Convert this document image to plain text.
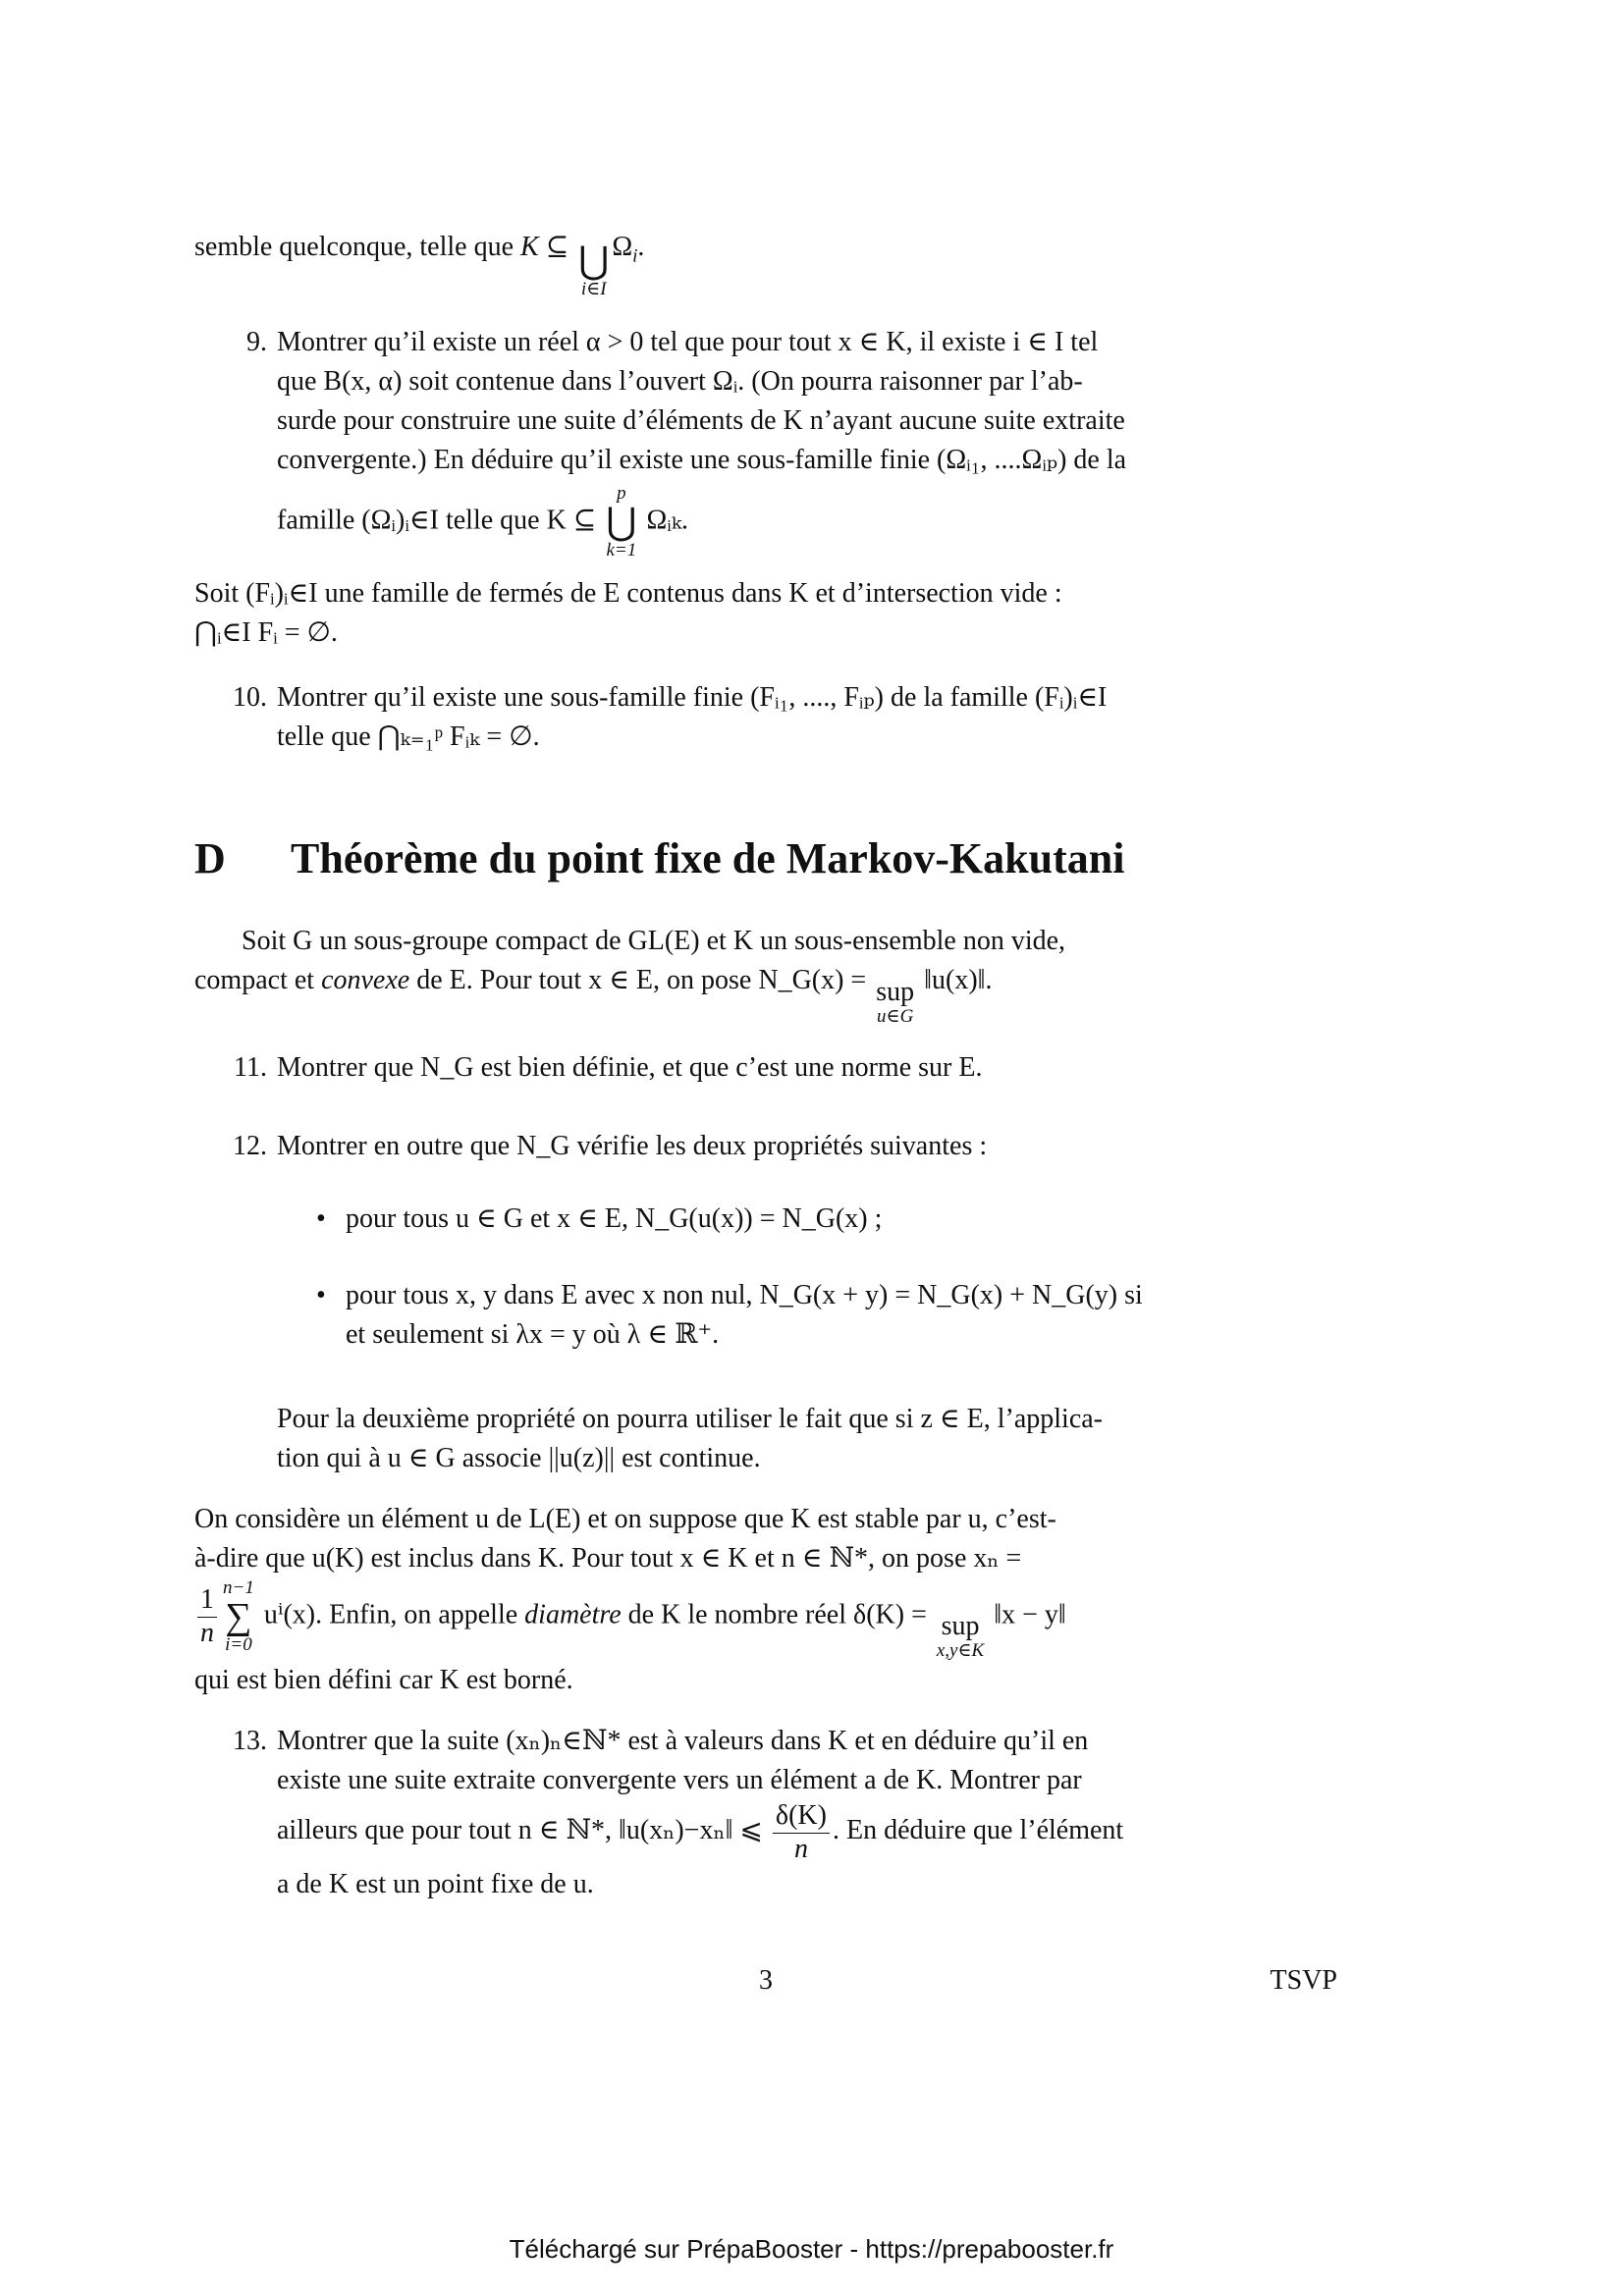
semble quelconque, telle que K ⊆ ⋃
i∈I
$\Omega_i$.
9. Montrer qu’il existe un réel α > 0 tel que pour tout x ∈ K, il existe i ∈ I tel
que B(x, α) soit contenue dans l’ouvert Ωᵢ. (On pourra raisonner par l’ab-
surde pour construire une suite d’éléments de K n’ayant aucune suite extraite
convergente.) En déduire qu’il existe une sous-famille finie (Ωᵢ₁, ....Ωᵢₚ) de la
famille (Ωᵢ)ᵢ∈I telle que K ⊆
p
⋃
k=1
Ωᵢₖ.
Soit (Fᵢ)ᵢ∈I une famille de fermés de E contenus dans K et d’intersection vide :
⋂ᵢ∈I Fᵢ = ∅.
10. Montrer qu’il existe une sous-famille finie (Fᵢ₁, ...., Fᵢₚ) de la famille (Fᵢ)ᵢ∈I
telle que ⋂ₖ₌₁ᵖ Fᵢₖ = ∅.
D Théorème du point fixe de Markov-Kakutani
Soit G un sous-groupe compact de GL(E) et K un sous-ensemble non vide,
compact et convexe de E. Pour tout x ∈ E, on pose N_G(x) = sup
u∈G
‖u(x)‖.
11. Montrer que N_G est bien définie, et que c’est une norme sur E.
12. Montrer en outre que N_G vérifie les deux propriétés suivantes :
• pour tous u ∈ G et x ∈ E, N_G(u(x)) = N_G(x) ;
• pour tous x, y dans E avec x non nul, N_G(x + y) = N_G(x) + N_G(y) si
et seulement si λx = y où λ ∈ ℝ⁺.
Pour la deuxième propriété on pourra utiliser le fait que si z ∈ E, l’applica-
tion qui à u ∈ G associe ||u(z)|| est continue.
On considère un élément u de L(E) et on suppose que K est stable par u, c’est-
à-dire que u(K) est inclus dans K. Pour tout x ∈ K et n ∈ ℕ*, on pose xₙ =
$\frac{1}{n} n-1$
∑
i=0
uⁱ(x). Enfin, on appelle diamètre de K le nombre réel δ(K) = sup
x,y∈K
‖x − y‖
qui est bien défini car K est borné.
13. Montrer que la suite (xₙ)ₙ∈ℕ* est à valeurs dans K et en déduire qu’il en
existe une suite extraite convergente vers un élément a de K. Montrer par
ailleurs que pour tout n ∈ ℕ*, ‖u(xₙ)−xₙ‖ ⩽ $\frac{\delta(K)}{n}$ . En déduire que l’élément
a de K est un point fixe de u.
3	TSVP
Téléchargé sur PrépaBooster - https://prepabooster.fr
